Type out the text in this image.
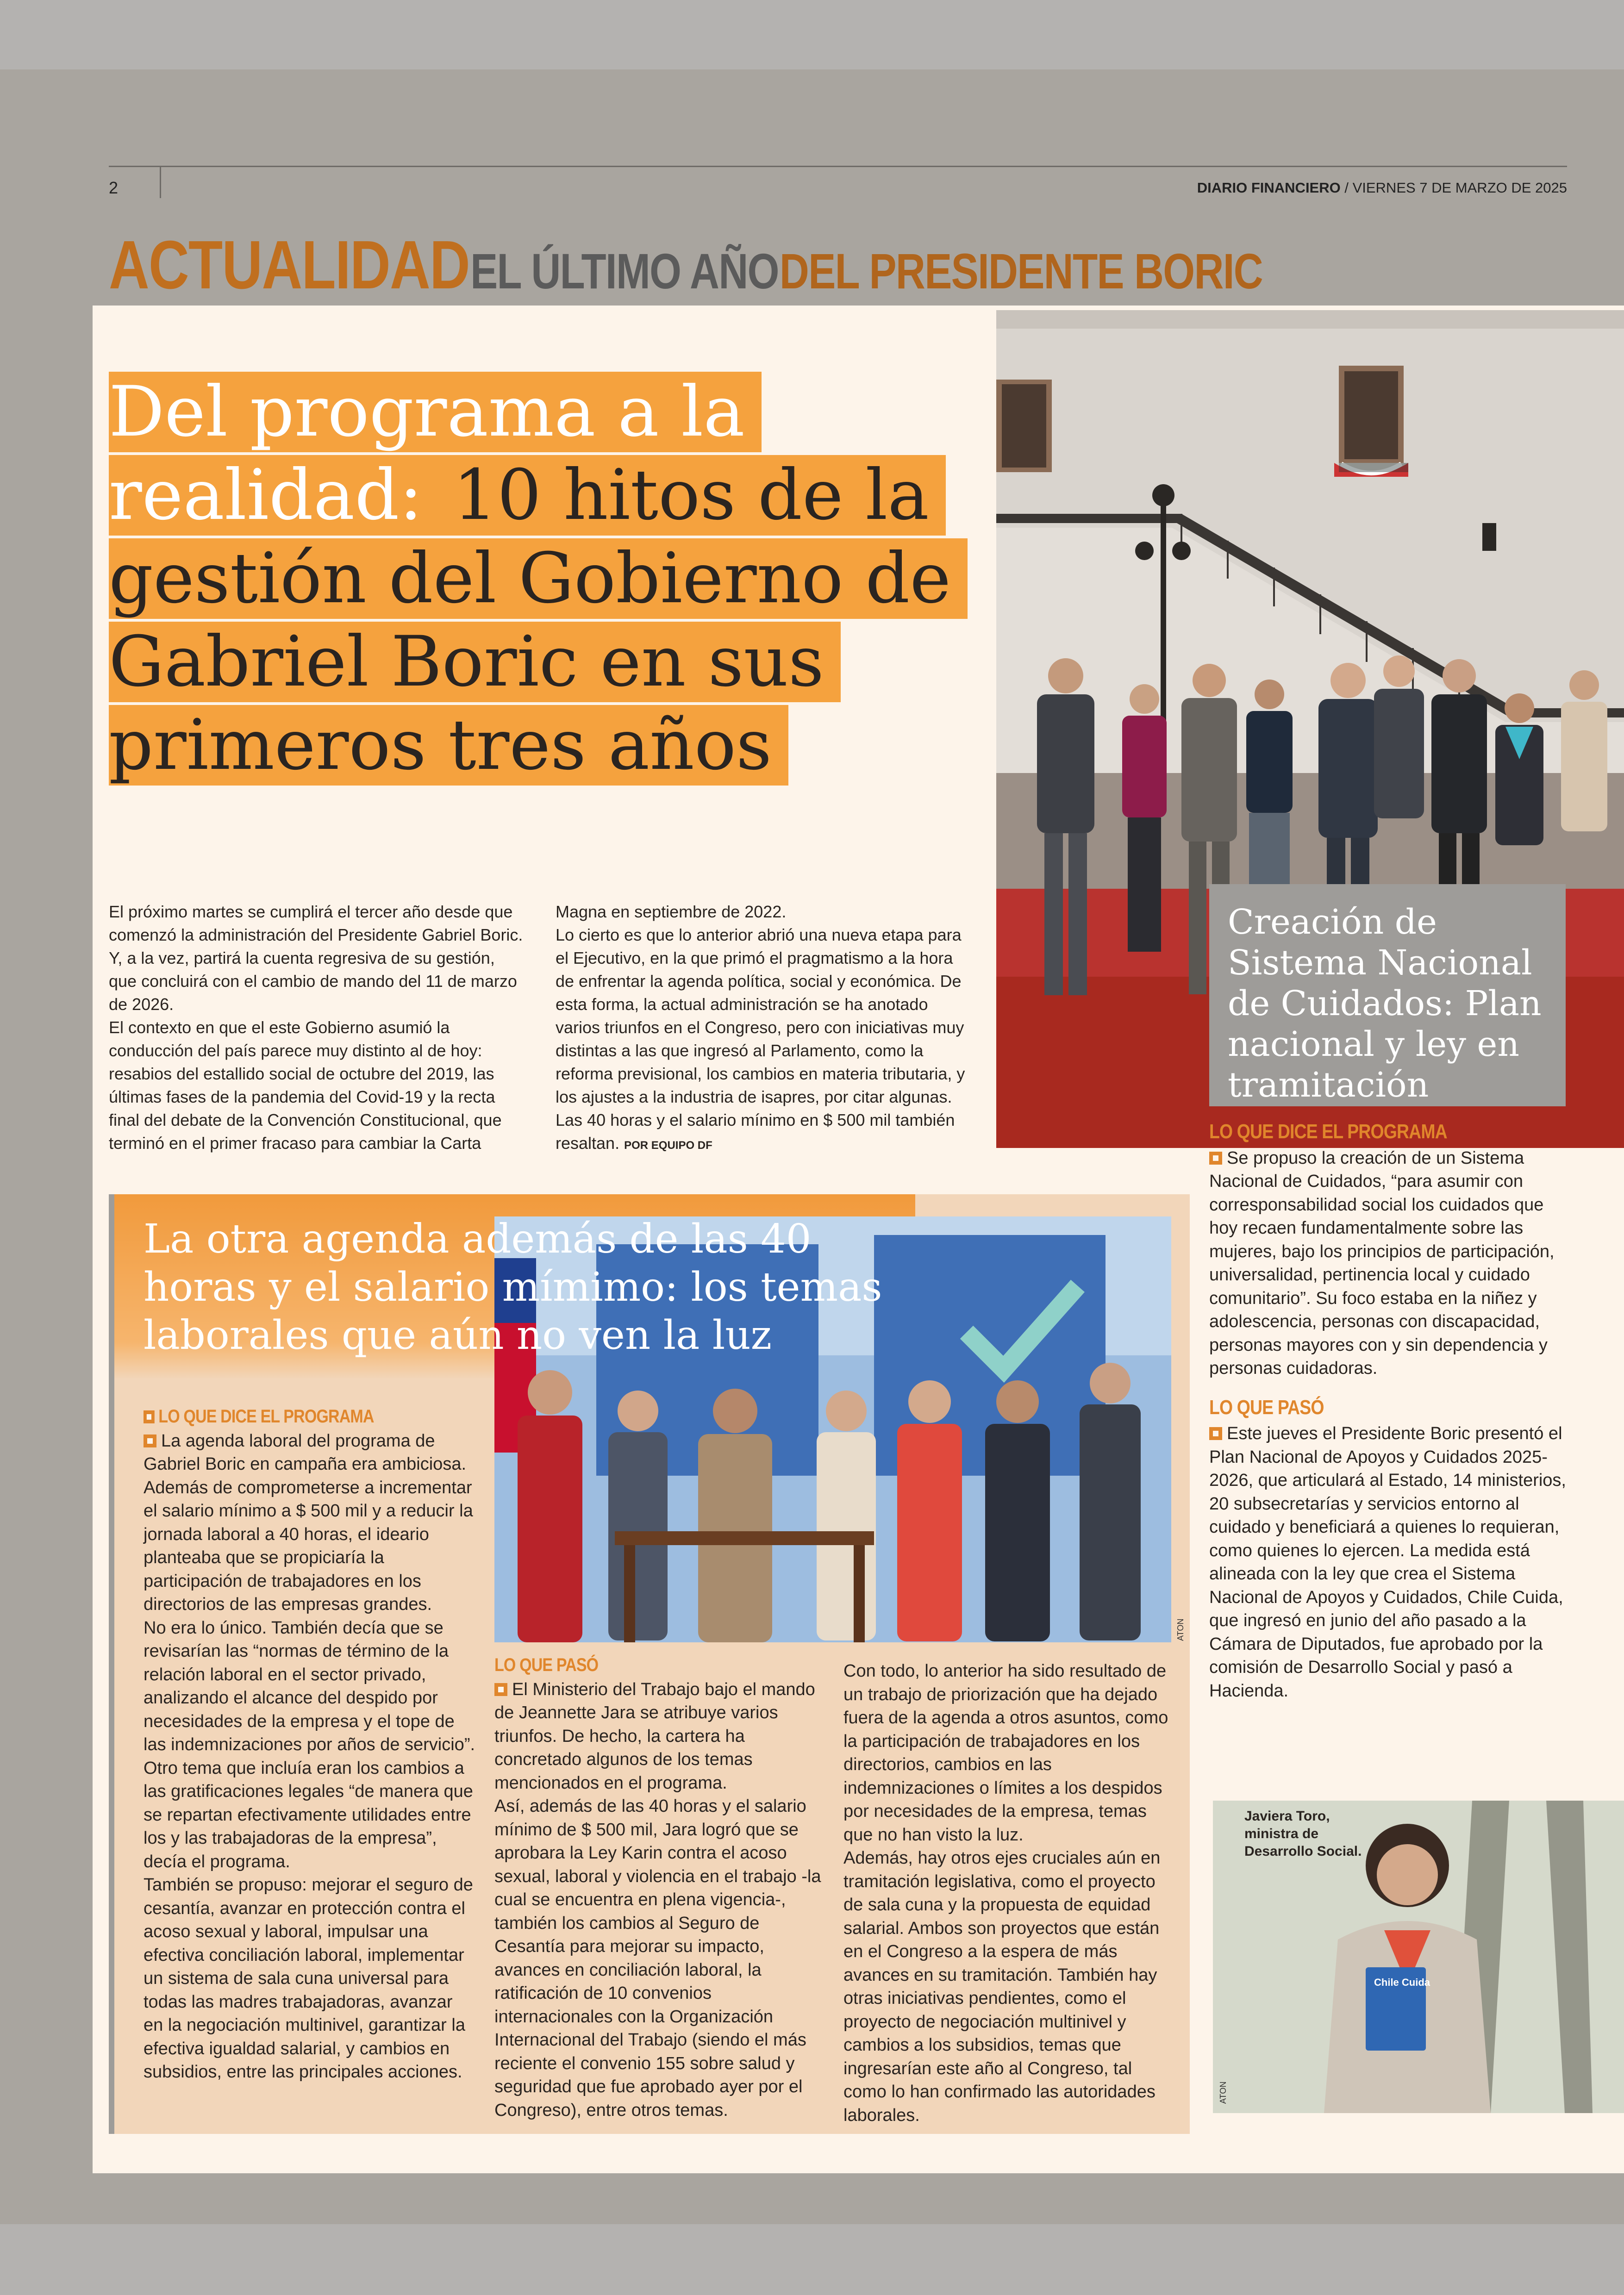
2	DIARIO FINANCIERO / VIERNES 7 DE MARZO DE 2025
ACTUALIDAD EL ÚLTIMO AÑO DEL PRESIDENTE BORIC
Del programa a la realidad: 10 hitos de la gestión del Gobierno de Gabriel Boric en sus primeros tres años

El próximo martes se cumplirá el tercer año desde que comenzó la administración del Presidente Gabriel Boric. Y, a la vez, partirá la cuenta regresiva de su gestión, que concluirá con el cambio de mando del 11 de marzo de 2026.

El contexto en que el este Gobierno asumió la conducción del país parece muy distinto al de hoy: resabios del estallido social de octubre del 2019, las últimas fases de la pandemia del Covid-19 y la recta final del debate de la Convención Constitucional, que terminó en el primer fracaso para cambiar la Carta

Magna en septiembre de 2022.

Lo cierto es que lo anterior abrió una nueva etapa para el Ejecutivo, en la que primó el pragmatismo a la hora de enfrentar la agenda política, social y económica. De esta forma, la actual administración se ha anotado varios triunfos en el Congreso, pero con iniciativas muy distintas a las que ingresó al Parlamento, como la reforma previsional, los cambios en materia tributaria, y los ajustes a la industria de isapres, por citar algunas. Las 40 horas y el salario mínimo en $ 500 mil también resaltan. POR EQUIPO DF

Creación de Sistema Nacional de Cuidados: Plan nacional y ley en tramitación
LO QUE DICE EL PROGRAMA

Se propuso la creación de un Sistema Nacional de Cuidados, “para asumir con corresponsabilidad social los cuidados que hoy recaen fundamentalmente sobre las mujeres, bajo los principios de participación, universalidad, pertinencia local y cuidado comunitario”. Su foco estaba en la niñez y adolescencia, personas con discapacidad, personas mayores con y sin dependencia y personas cuidadoras.

LO QUE PASÓ

Este jueves el Presidente Boric presentó el Plan Nacional de Apoyos y Cuidados 2025-2026, que articulará al Estado, 14 ministerios, 20 subsecretarías y servicios entorno al cuidado y beneficiará a quienes lo requieran, como quienes lo ejercen. La medida está alineada con la ley que crea el Sistema Nacional de Apoyos y Cuidados, Chile Cuida, que ingresó en junio del año pasado a la Cámara de Diputados, fue aprobado por la comisión de Desarrollo Social y pasó a Hacienda.

Chile Cuida
Javiera Toro,
ministra de
Desarrollo Social.
ATON
La otra agenda además de las 40 horas y el salario mímimo: los temas laborales que aún no ven la luz
ATON
LO QUE DICE EL PROGRAMA

La agenda laboral del programa de Gabriel Boric en campaña era ambiciosa. Además de comprometerse a incrementar el salario mínimo a $ 500 mil y a reducir la jornada laboral a 40 horas, el ideario planteaba que se propiciaría la participación de trabajadores en los directorios de las empresas grandes.

No era lo único. También decía que se revisarían las “normas de término de la relación laboral en el sector privado, analizando el alcance del despido por necesidades de la empresa y el tope de las indemnizaciones por años de servicio”.

Otro tema que incluía eran los cambios a las gratificaciones legales “de manera que se repartan efectivamente utilidades entre los y las trabajadoras de la empresa”, decía el programa.

También se propuso: mejorar el seguro de cesantía, avanzar en protección contra el acoso sexual y laboral, impulsar una efectiva conciliación laboral, implementar un sistema de sala cuna universal para todas las madres trabajadoras, avanzar en la negociación multinivel, garantizar la efectiva igualdad salarial, y cambios en subsidios, entre las principales acciones.

LO QUE PASÓ

El Ministerio del Trabajo bajo el mando de Jeannette Jara se atribuye varios triunfos. De hecho, la cartera ha concretado algunos de los temas mencionados en el programa.

Así, además de las 40 horas y el salario mínimo de $ 500 mil, Jara logró que se aprobara la Ley Karin contra el acoso sexual, laboral y violencia en el trabajo -la cual se encuentra en plena vigencia-, también los cambios al Seguro de Cesantía para mejorar su impacto, avances en conciliación laboral, la ratificación de 10 convenios internacionales con la Organización Internacional del Trabajo (siendo el más reciente el convenio 155 sobre salud y seguridad que fue aprobado ayer por el Congreso), entre otros temas.

Con todo, lo anterior ha sido resultado de un trabajo de priorización que ha dejado fuera de la agenda a otros asuntos, como la participación de trabajadores en los directorios, cambios en las indemnizaciones o límites a los despidos por necesidades de la empresa, temas que no han visto la luz.

Además, hay otros ejes cruciales aún en tramitación legislativa, como el proyecto de sala cuna y la propuesta de equidad salarial. Ambos son proyectos que están en el Congreso a la espera de más avances en su tramitación. También hay otras iniciativas pendientes, como el proyecto de negociación multinivel y cambios a los subsidios, temas que ingresarían este año al Congreso, tal como lo han confirmado las autoridades laborales.
